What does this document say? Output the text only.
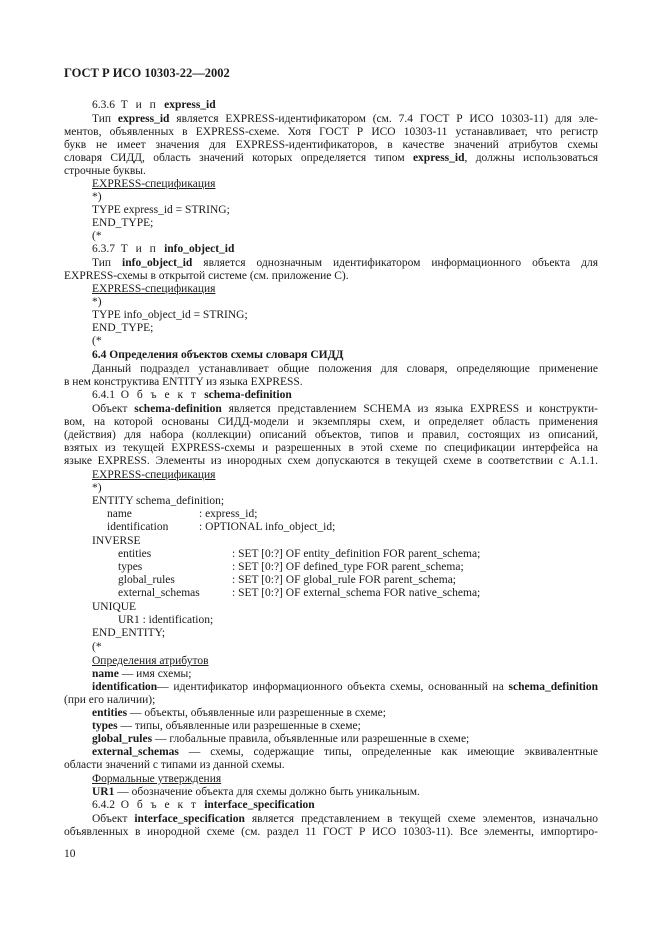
ГОСТ Р ИСО 10303-22—2002
6.3.6 Т и п express_id
Тип express_id является EXPRESS-идентификатором (см. 7.4 ГОСТ Р ИСО 10303-11) для эле-
ментов, объявленных в EXPRESS-схеме. Хотя ГОСТ Р ИСО 10303-11 устанавливает, что регистр
букв не имеет значения для EXPRESS-идентификаторов, в качестве значений атрибутов схемы
словаря СИДД, область значений которых определяется типом express_id, должны использоваться
строчные буквы.
EXPRESS-спецификация
*)
TYPE express_id = STRING;
END_TYPE;
(*
6.3.7 Т и п info_object_id
Тип info_object_id является однозначным идентификатором информационного объекта для
EXPRESS-схемы в открытой системе (см. приложение С).
EXPRESS-спецификация
*)
TYPE info_object_id = STRING;
END_TYPE;
(*
6.4 Определения объектов схемы словаря СИДД
Данный подраздел устанавливает общие положения для словаря, определяющие применение
в нем конструктива ENTITY из языка EXPRESS.
6.4.1 О б ъ е к т schema-definition
Объект schema-definition является представлением SCHEMA из языка EXPRESS и конструкти-
вом, на которой основаны СИДД-модели и экземпляры схем, и определяет область применения
(действия) для набора (коллекции) описаний объектов, типов и правил, состоящих из описаний,
взятых из текущей EXPRESS-схемы и разрешенных в этой схеме по спецификации интерфейса на
языке EXPRESS. Элементы из инородных схем допускаются в текущей схеме в соответствии с А.1.1.
EXPRESS-спецификация
*)
ENTITY schema_definition;
name	: express_id;
identification	: OPTIONAL info_object_id;
INVERSE
entities	: SET [0:?] OF entity_definition FOR parent_schema;
types	: SET [0:?] OF defined_type FOR parent_schema;
global_rules	: SET [0:?] OF global_rule FOR parent_schema;
external_schemas	: SET [0:?] OF external_schema FOR native_schema;
UNIQUE
UR1 : identification;
END_ENTITY;
(*
Определения атрибутов
name — имя схемы;
identification— идентификатор информационного объекта схемы, основанный на schema_definition
(при его наличии);
entities — объекты, объявленные или разрешенные в схеме;
types — типы, объявленные или разрешенные в схеме;
global_rules — глобальные правила, объявленные или разрешенные в схеме;
external_schemas — схемы, содержащие типы, определенные как имеющие эквивалентные
области значений с типами из данной схемы.
Формальные утверждения
UR1 — обозначение объекта для схемы должно быть уникальным.
6.4.2 О б ъ е к т interface_specification
Объект interface_specification является представлением в текущей схеме элементов, изначально
объявленных в инородной схеме (см. раздел 11 ГОСТ Р ИСО 10303-11). Все элементы, импортиро-
10
